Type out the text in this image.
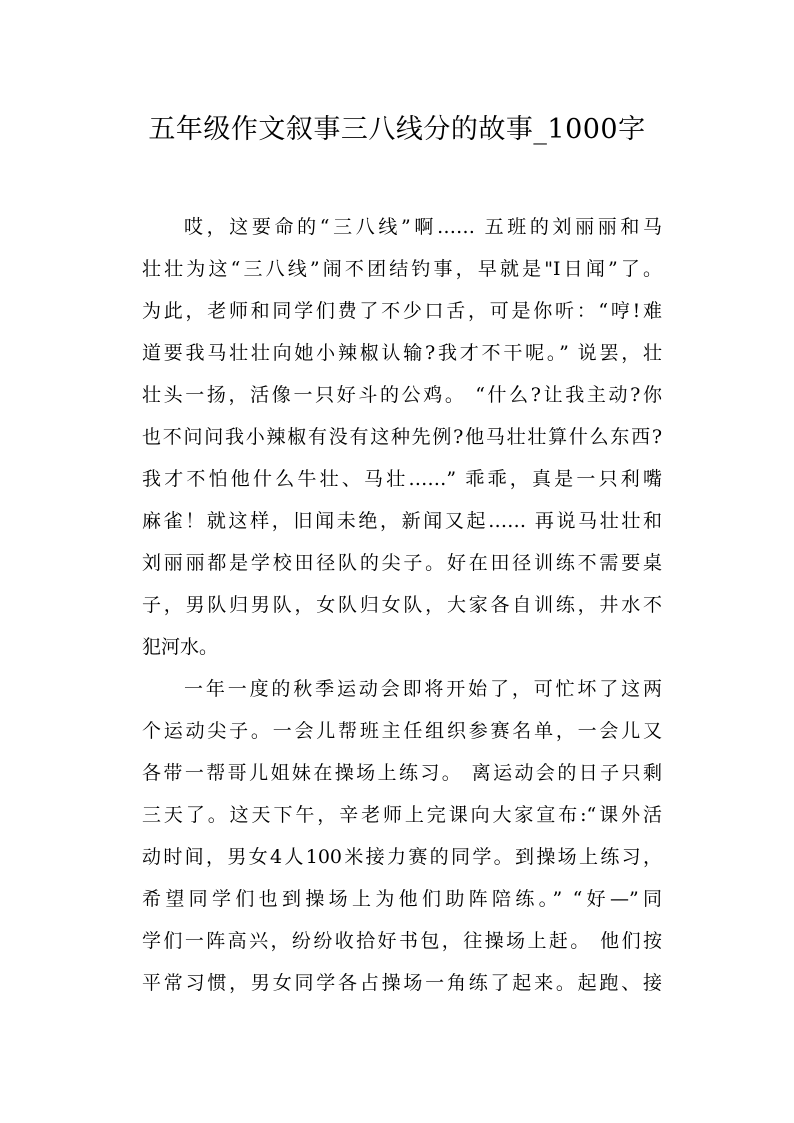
五年级作文叙事三八线分的故事_1000字
哎，这要命的“三八线”啊…… 五班的刘丽丽和马
壮壮为这“三八线”闹不团结钓事，早就是"I日闻”了。
为此，老师和同学们费了不少口舌，可是你听：“哼!难
道要我马壮壮向她小辣椒认输?我才不干呢。” 说罢，壮
壮头一扬，活像一只好斗的公鸡。 “什么?让我主动?你
也不问问我小辣椒有没有这种先例?他马壮壮算什么东西?
我才不怕他什么牛壮、马壮……” 乖乖，真是一只利嘴
麻雀！就这样，旧闻未绝，新闻又起…… 再说马壮壮和
刘丽丽都是学校田径队的尖子。好在田径训练不需要桌
子，男队归男队，女队归女队，大家各自训练，井水不
犯河水。
一年一度的秋季运动会即将开始了，可忙坏了这两
个运动尖子。一会儿帮班主任组织参赛名单，一会儿又
各带一帮哥儿姐妹在操场上练习。 离运动会的日子只剩
三天了。这天下午，辛老师上完课向大家宣布:“课外活
动时间，男女4人100米接力赛的同学。到操场上练习，
希望同学们也到操场上为他们助阵陪练。” “好—”同
学们一阵高兴，纷纷收拾好书包，往操场上赶。 他们按
平常习惯，男女同学各占操场一角练了起来。起跑、接
